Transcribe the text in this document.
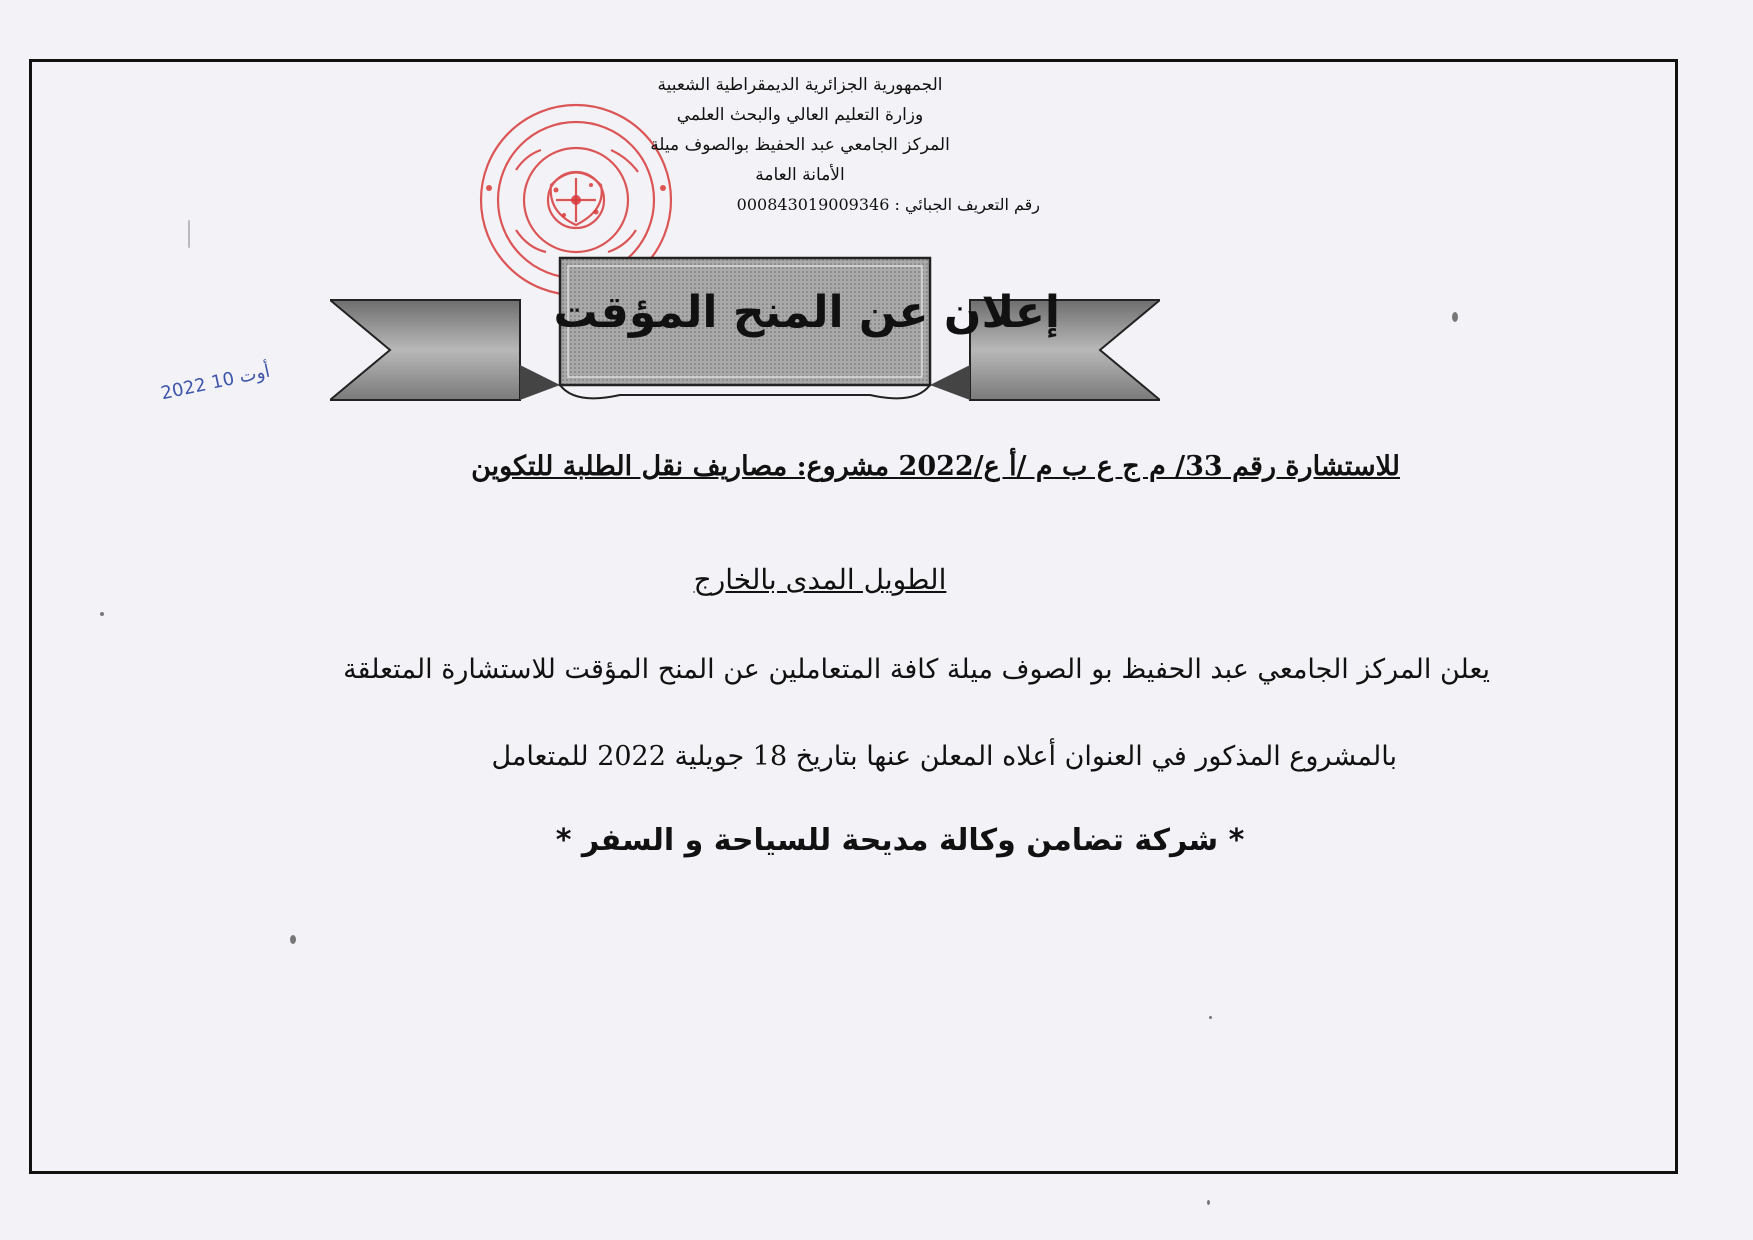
الجمهورية الجزائرية الديمقراطية الشعبية
وزارة التعليم العالي والبحث العلمي
المركز الجامعي عبد الحفيظ بوالصوف ميلة
الأمانة العامة
رقم التعريف الجبائي : 000843019009346
2022 أوت 10
إعلان عن المنح المؤقت
للاستشارة رقم 33/ م ج ع ب م /أ ع/2022 مشروع: مصاريف نقل الطلبة للتكوين
الطويل المدى بالخارج
يعلن المركز الجامعي عبد الحفيظ بو الصوف ميلة كافة المتعاملين عن المنح المؤقت للاستشارة المتعلقة
بالمشروع المذكور في العنوان أعلاه المعلن عنها بتاريخ 18 جويلية 2022 للمتعامل
* شركة تضامن وكالة مديحة للسياحة و السفر *
